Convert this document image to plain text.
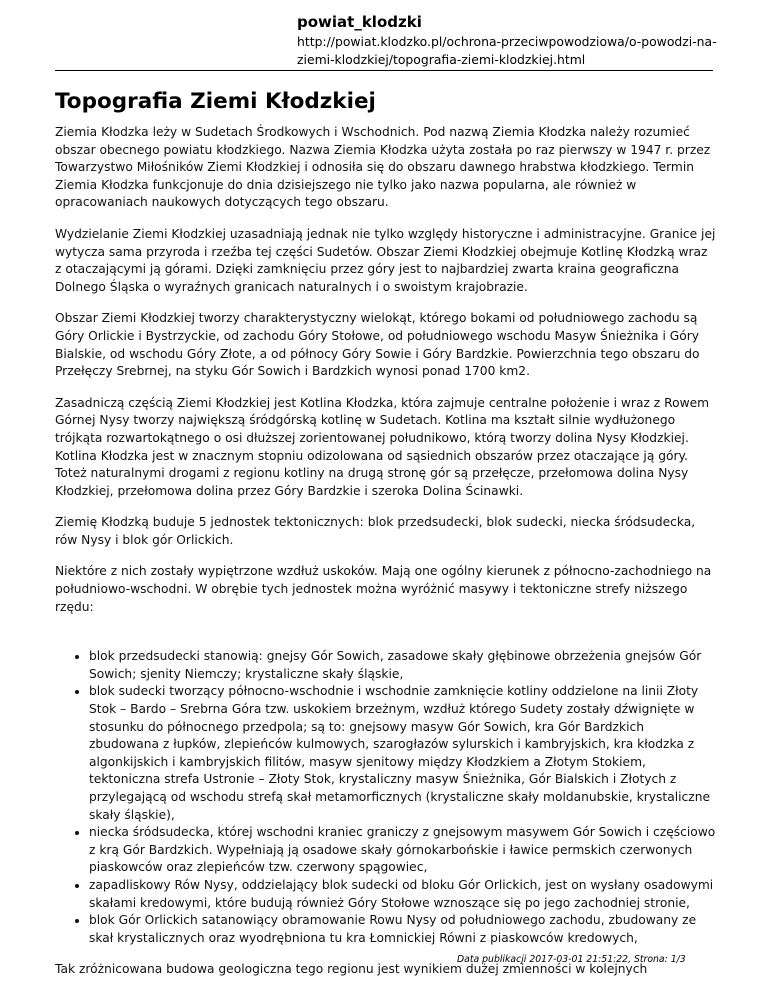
powiat_klodzki
http://powiat.klodzko.pl/ochrona-przeciwpowodziowa/o-powodzi-na-ziemi-klodzkiej/topografia-ziemi-klodzkiej.html
Topografia Ziemi Kłodzkiej

Ziemia Kłodzka leży w Sudetach Środkowych i Wschodnich. Pod nazwą Ziemia Kłodzka należy rozumieć obszar obecnego powiatu kłodzkiego. Nazwa Ziemia Kłodzka użyta została po raz pierwszy w 1947 r. przez Towarzystwo Miłośników Ziemi Kłodzkiej i odnosiła się do obszaru dawnego hrabstwa kłodzkiego. Termin Ziemia Kłodzka funkcjonuje do dnia dzisiejszego nie tylko jako nazwa popularna, ale również w opracowaniach naukowych dotyczących tego obszaru.

Wydzielanie Ziemi Kłodzkiej uzasadniają jednak nie tylko względy historyczne i administracyjne. Granice jej wytycza sama przyroda i rzeźba tej części Sudetów. Obszar Ziemi Kłodzkiej obejmuje Kotlinę Kłodzką wraz z otaczającymi ją górami. Dzięki zamknięciu przez góry jest to najbardziej zwarta kraina geograficzna Dolnego Śląska o wyraźnych granicach naturalnych i o swoistym krajobrazie.

Obszar Ziemi Kłodzkiej tworzy charakterystyczny wielokąt, którego bokami od południowego zachodu są Góry Orlickie i Bystrzyckie, od zachodu Góry Stołowe, od południowego wschodu Masyw Śnieżnika i Góry Bialskie, od wschodu Góry Złote, a od północy Góry Sowie i Góry Bardzkie. Powierzchnia tego obszaru do Przełęczy Srebrnej, na styku Gór Sowich i Bardzkich wynosi ponad 1700 km2.

Zasadniczą częścią Ziemi Kłodzkiej jest Kotlina Kłodzka, która zajmuje centralne położenie i wraz z Rowem Górnej Nysy tworzy największą śródgórską kotlinę w Sudetach. Kotlina ma kształt silnie wydłużonego trójkąta rozwartokątnego o osi dłuższej zorientowanej południkowo, którą tworzy dolina Nysy Kłodzkiej. Kotlina Kłodzka jest w znacznym stopniu odizolowana od sąsiednich obszarów przez otaczające ją góry. Toteż naturalnymi drogami z regionu kotliny na drugą stronę gór są przełęcze, przełomowa dolina Nysy Kłodzkiej, przełomowa dolina przez Góry Bardzkie i szeroka Dolina Ścinawki.

Ziemię Kłodzką buduje 5 jednostek tektonicznych: blok przedsudecki, blok sudecki, niecka śródsudecka, rów Nysy i blok gór Orlickich.

Niektóre z nich zostały wypiętrzone wzdłuż uskoków. Mają one ogólny kierunek z północno-zachodniego na południowo-wschodni. W obrębie tych jednostek można wyróżnić masywy i tektoniczne strefy niższego rzędu:

• blok przedsudecki stanowią: gnejsy Gór Sowich, zasadowe skały głębinowe obrzeżenia gnejsów Gór Sowich; sjenity Niemczy; krystaliczne skały śląskie,
• blok sudecki tworzący północno-wschodnie i wschodnie zamknięcie kotliny oddzielone na linii Złoty Stok – Bardo – Srebrna Góra tzw. uskokiem brzeżnym, wzdłuż którego Sudety zostały dźwignięte w stosunku do północnego przedpola; są to: gnejsowy masyw Gór Sowich, kra Gór Bardzkich zbudowana z łupków, zlepieńców kulmowych, szarogłazów sylurskich i kambryjskich, kra kłodzka z algonkijskich i kambryjskich filitów, masyw sjenitowy między Kłodzkiem a Złotym Stokiem, tektoniczna strefa Ustronie – Złoty Stok, krystaliczny masyw Śnieżnika, Gór Bialskich i Złotych z przylegającą od wschodu strefą skał metamorficznych (krystaliczne skały moldanubskie, krystaliczne skały śląskie),
• niecka śródsudecka, której wschodni kraniec graniczy z gnejsowym masywem Gór Sowich i częściowo z krą Gór Bardzkich. Wypełniają ją osadowe skały górnokarbońskie i ławice permskich czerwonych piaskowców oraz zlepieńców tzw. czerwony spągowiec,
• zapadliskowy Rów Nysy, oddzielający blok sudecki od bloku Gór Orlickich, jest on wysłany osadowymi skałami kredowymi, które budują również Góry Stołowe wznoszące się po jego zachodniej stronie,
• blok Gór Orlickich satanowiący obramowanie Rowu Nysy od południowego zachodu, zbudowany ze skał krystalicznych oraz wyodrębniona tu kra Łomnickiej Równi z piaskowców kredowych,

Tak zróżnicowana budowa geologiczna tego regionu jest wynikiem dużej zmienności w kolejnych

Data publikacji 2017-03-01 21:51:22, Strona: 1/3
